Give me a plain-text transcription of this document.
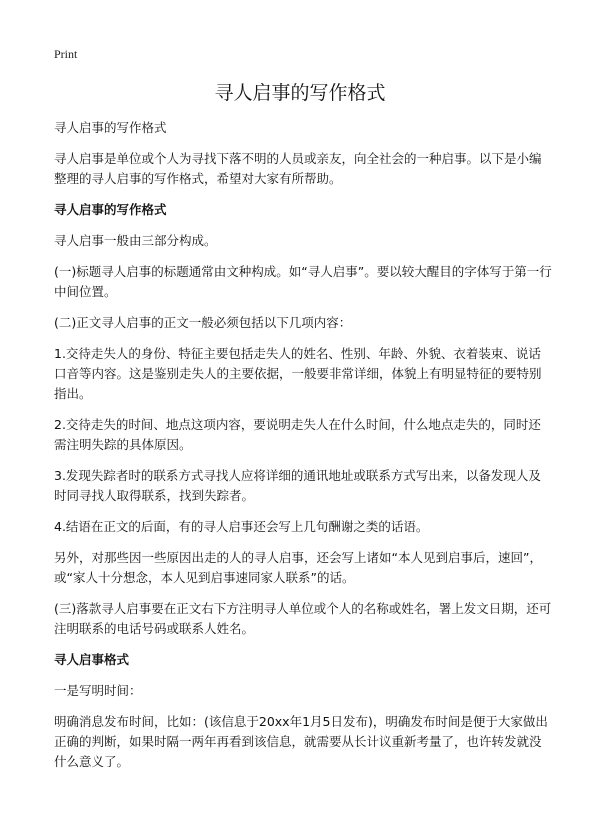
Print
寻人启事的写作格式

寻人启事的写作格式

寻人启事是单位或个人为寻找下落不明的人员或亲友，向全社会的一种启事。以下是小编整理的寻人启事的写作格式，希望对大家有所帮助。

寻人启事的写作格式

寻人启事一般由三部分构成。

(一)标题寻人启事的标题通常由文种构成。如“寻人启事”。要以较大醒目的字体写于第一行中间位置。

(二)正文寻人启事的正文一般必须包括以下几项内容：

1.交待走失人的身份、特征主要包括走失人的姓名、性别、年龄、外貌、衣着装束、说话口音等内容。这是鉴别走失人的主要依据，一般要非常详细，体貌上有明显特征的要特别指出。

2.交待走失的时间、地点这项内容，要说明走失人在什么时间，什么地点走失的，同时还需注明失踪的具体原因。

3.发现失踪者时的联系方式寻找人应将详细的通讯地址或联系方式写出来，以备发现人及时同寻找人取得联系，找到失踪者。

4.结语在正文的后面，有的寻人启事还会写上几句酬谢之类的话语。

另外，对那些因一些原因出走的人的寻人启事，还会写上诸如“本人见到启事后，速回”，或“家人十分想念，本人见到启事速同家人联系”的话。

(三)落款寻人启事要在正文右下方注明寻人单位或个人的名称或姓名，署上发文日期，还可注明联系的电话号码或联系人姓名。

寻人启事格式

一是写明时间：

明确消息发布时间，比如：(该信息于20xx年1月5日发布)，明确发布时间是便于大家做出正确的判断，如果时隔一两年再看到该信息，就需要从长计议重新考量了，也许转发就没什么意义了。
